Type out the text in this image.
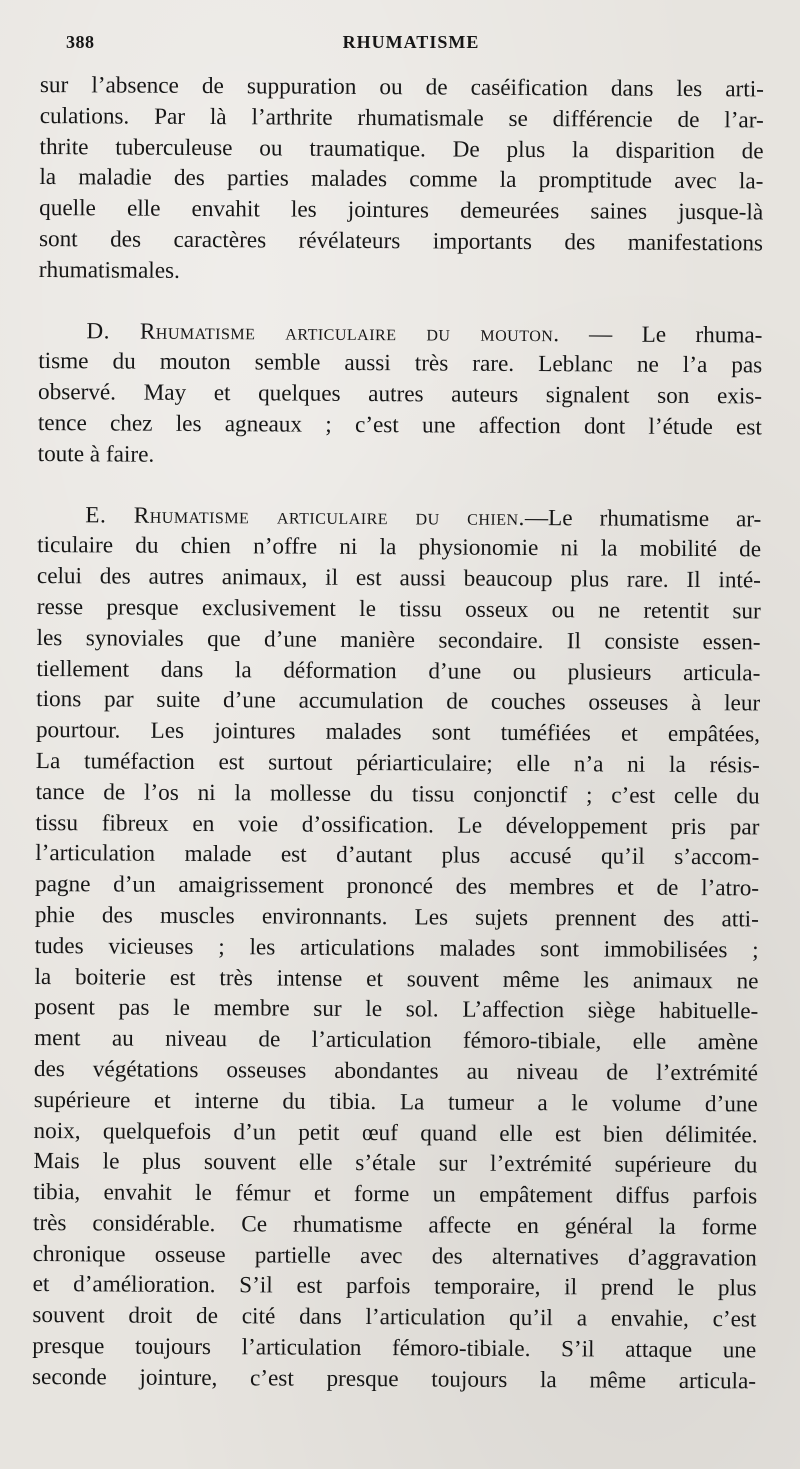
388	RHUMATISME
sur l’absence de suppuration ou de caséification dans les arti-
culations. Par là l’arthrite rhumatismale se différencie de l’ar-
thrite tuberculeuse ou traumatique. De plus la disparition de
la maladie des parties malades comme la promptitude avec la-
quelle elle envahit les jointures demeurées saines jusque-là
sont des caractères révélateurs importants des manifestations
rhumatismales.
D. Rhumatisme articulaire du mouton. — Le rhuma-
tisme du mouton semble aussi très rare. Leblanc ne l’a pas
observé. May et quelques autres auteurs signalent son exis-
tence chez les agneaux ; c’est une affection dont l’étude est
toute à faire.
E. Rhumatisme articulaire du chien.—Le rhumatisme ar-
ticulaire du chien n’offre ni la physionomie ni la mobilité de
celui des autres animaux, il est aussi beaucoup plus rare. Il inté-
resse presque exclusivement le tissu osseux ou ne retentit sur
les synoviales que d’une manière secondaire. Il consiste essen-
tiellement dans la déformation d’une ou plusieurs articula-
tions par suite d’une accumulation de couches osseuses à leur
pourtour. Les jointures malades sont tuméfiées et empâtées,
La tuméfaction est surtout périarticulaire; elle n’a ni la résis-
tance de l’os ni la mollesse du tissu conjonctif ; c’est celle du
tissu fibreux en voie d’ossification. Le développement pris par
l’articulation malade est d’autant plus accusé qu’il s’accom-
pagne d’un amaigrissement prononcé des membres et de l’atro-
phie des muscles environnants. Les sujets prennent des atti-
tudes vicieuses ; les articulations malades sont immobilisées ;
la boiterie est très intense et souvent même les animaux ne
posent pas le membre sur le sol. L’affection siège habituelle-
ment au niveau de l’articulation fémoro-tibiale, elle amène
des végétations osseuses abondantes au niveau de l’extrémité
supérieure et interne du tibia. La tumeur a le volume d’une
noix, quelquefois d’un petit œuf quand elle est bien délimitée.
Mais le plus souvent elle s’étale sur l’extrémité supérieure du
tibia, envahit le fémur et forme un empâtement diffus parfois
très considérable. Ce rhumatisme affecte en général la forme
chronique osseuse partielle avec des alternatives d’aggravation
et d’amélioration. S’il est parfois temporaire, il prend le plus
souvent droit de cité dans l’articulation qu’il a envahie, c’est
presque toujours l’articulation fémoro-tibiale. S’il attaque une
seconde jointure, c’est presque toujours la même articula-
